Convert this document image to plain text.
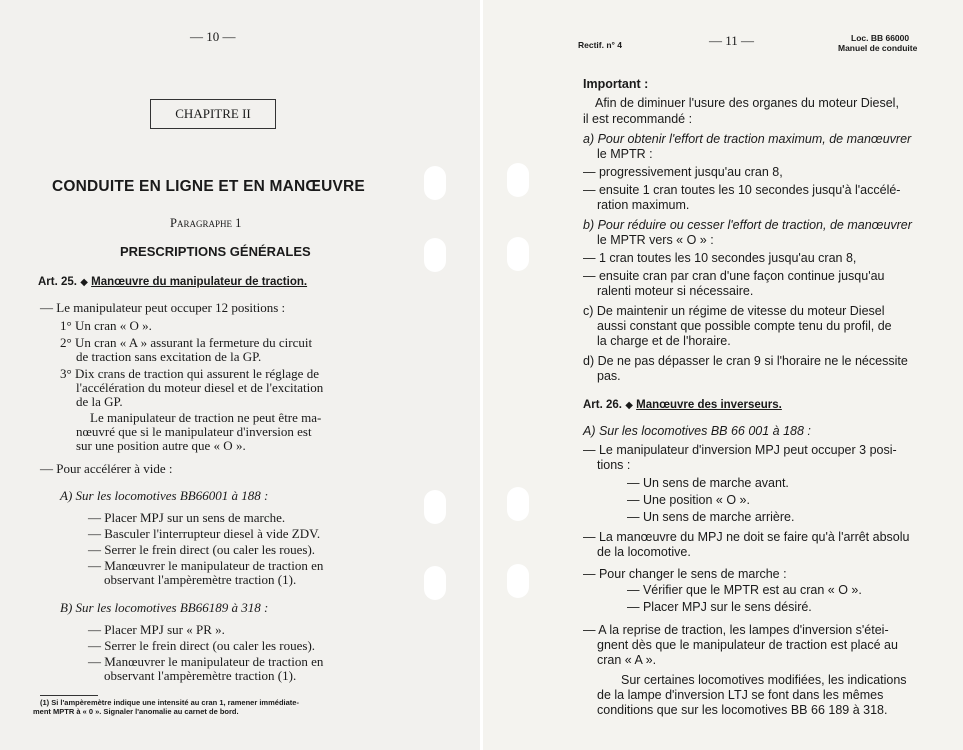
— 10 —
CHAPITRE II
CONDUITE EN LIGNE ET EN MANŒUVRE
Paragraphe 1
PRESCRIPTIONS GÉNÉRALES
Art. 25. ◆ Manœuvre du manipulateur de traction.
— Le manipulateur peut occuper 12 positions :
1° Un cran « O ».
2° Un cran « A » assurant la fermeture du circuit
de traction sans excitation de la GP.
3° Dix crans de traction qui assurent le réglage de
l'accélération du moteur diesel et de l'excitation
de la GP.
Le manipulateur de traction ne peut être ma-
nœuvré que si le manipulateur d'inversion est
sur une position autre que « O ».
— Pour accélérer à vide :
A) Sur les locomotives BB66001 à 188 :
— Placer MPJ sur un sens de marche.
— Basculer l'interrupteur diesel à vide ZDV.
— Serrer le frein direct (ou caler les roues).
— Manœuvrer le manipulateur de traction en
observant l'ampèremètre traction (1).
B) Sur les locomotives BB66189 à 318 :
— Placer MPJ sur « PR ».
— Serrer le frein direct (ou caler les roues).
— Manœuvrer le manipulateur de traction en
observant l'ampèremètre traction (1).
(1) Si l'ampèremètre indique une intensité au cran 1, ramener immédiate-
ment MPTR à « 0 ». Signaler l'anomalie au carnet de bord.
Rectif. n° 4	— 11 —	Loc. BB 66000
Manuel de conduite
Important :
Afin de diminuer l'usure des organes du moteur Diesel,
il est recommandé :
a) Pour obtenir l'effort de traction maximum, de manœuvrer
le MPTR :
— progressivement jusqu'au cran 8,
— ensuite 1 cran toutes les 10 secondes jusqu'à l'accélé-
ration maximum.
b) Pour réduire ou cesser l'effort de traction, de manœuvrer
le MPTR vers « O » :
— 1 cran toutes les 10 secondes jusqu'au cran 8,
— ensuite cran par cran d'une façon continue jusqu'au
ralenti moteur si nécessaire.
c) De maintenir un régime de vitesse du moteur Diesel
aussi constant que possible compte tenu du profil, de
la charge et de l'horaire.
d) De ne pas dépasser le cran 9 si l'horaire ne le nécessite
pas.
Art. 26. ◆ Manœuvre des inverseurs.
A) Sur les locomotives BB 66 001 à 188 :
— Le manipulateur d'inversion MPJ peut occuper 3 posi-
tions :
— Un sens de marche avant.
— Une position « O ».
— Un sens de marche arrière.
— La manœuvre du MPJ ne doit se faire qu'à l'arrêt absolu
de la locomotive.
— Pour changer le sens de marche :
— Vérifier que le MPTR est au cran « O ».
— Placer MPJ sur le sens désiré.
— A la reprise de traction, les lampes d'inversion s'étei-
gnent dès que le manipulateur de traction est placé au
cran « A ».
Sur certaines locomotives modifiées, les indications
de la lampe d'inversion LTJ se font dans les mêmes
conditions que sur les locomotives BB 66 189 à 318.
